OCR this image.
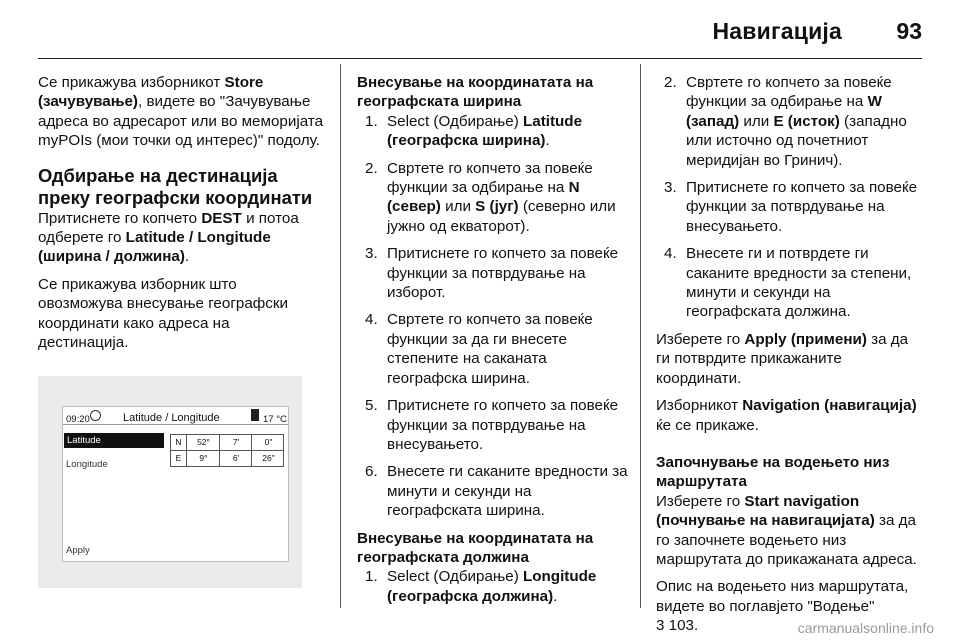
Навигација 93

Се прикажува изборникот Store (зачувување), видете во "Зачувување адреса во адресарот или во меморијата myPOIs (мои точки од интерес)" подолу.

Одбирање на дестинација преку географски координати

Притиснете го копчето DEST и потоа одберете го Latitude / Longitude (ширина / должина).

Се прикажува изборник што овозможува внесување географски координати како адреса на дестинација.

09:20	Latitude / Longitude	17 °C
Latitude
Longitude
Apply
N	52°	7'	0"
E	9°	6'	26"
Внесување на координатата на географската ширина
1. Select (Одбирање) Latitude (географска ширина).
2. Свртете го копчето за повеќе функции за одбирање на N (север) или S (југ) (северно или јужно од екваторот).
3. Притиснете го копчето за повеќе функции за потврдување на изборот.
4. Свртете го копчето за повеќе функции за да ги внесете степените на сакaната географска ширина.
5. Притиснете го копчето за повеќе функции за потврдување на внесувањето.
6. Внесете ги сакaните вредности за минути и секунди на географската ширина.
Внесување на координатата на географската должина
1. Select (Одбирање) Longitude (географска должина).
2. Свртете го копчето за повеќе функции за одбирање на W (запад) или E (исток) (западно или источно од почетниот меридијан во Гринич).
3. Притиснете го копчето за повеќе функции за потврдување на внесувањето.
4. Внесете ги и потврдете ги сакaните вредности за степени, минути и секунди на географската должина.

Изберете го Apply (примени) за да ги потврдите прикажаните координати.

Изборникот Navigation (навигација) ќе се прикаже.

Започнување на водењето низ маршрутата

Изберете го Start navigation (почнување на навигацијата) за да го започнете водењето низ маршрутата до прикажаната адреса.

Опис на водењето низ маршрутата, видете во поглавјето "Водење"

3 103.	carmanualsonline.info
